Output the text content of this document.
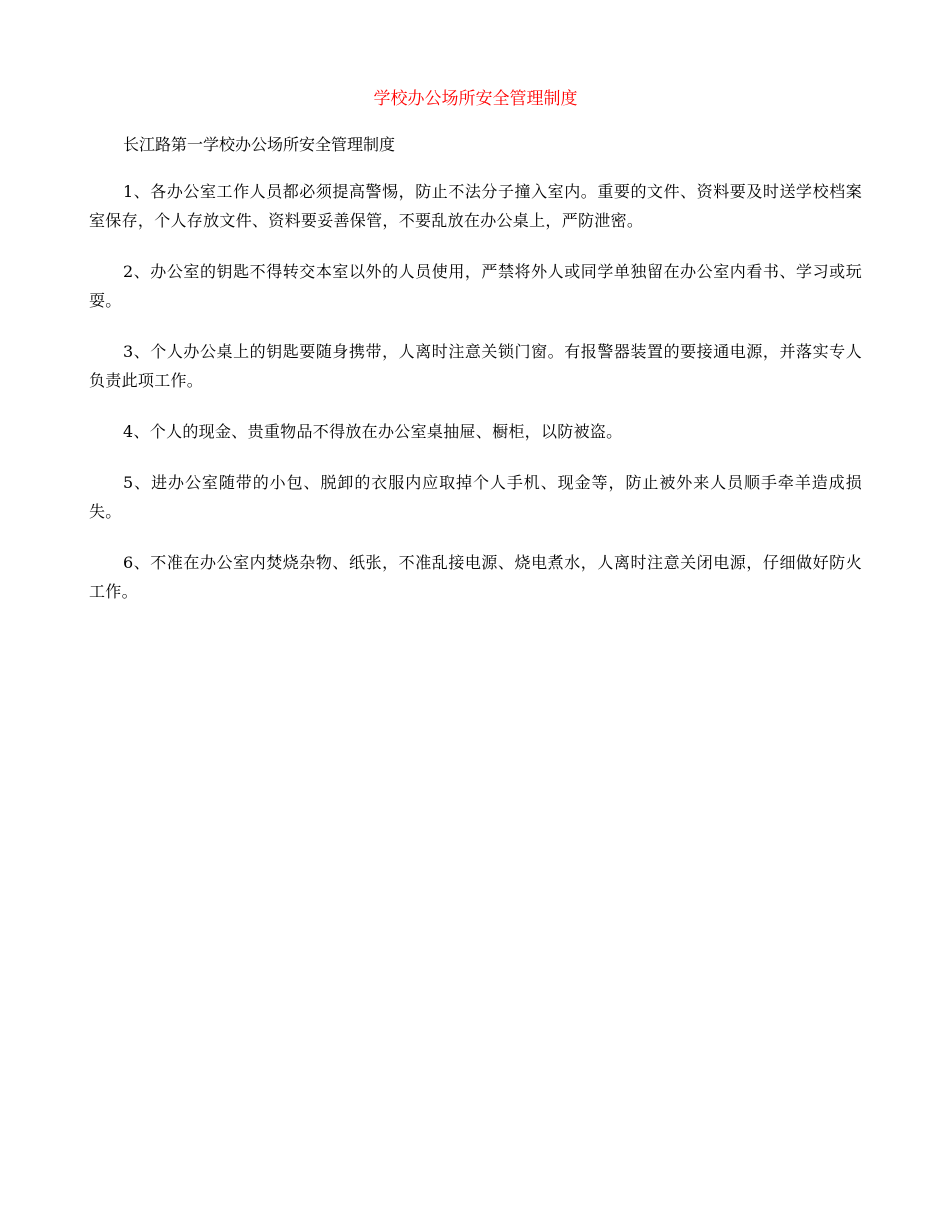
学校办公场所安全管理制度

长江路第一学校办公场所安全管理制度

1、各办公室工作人员都必须提高警惕，防止不法分子撞入室内。重要的文件、资料要及时送学校档案室保存，个人存放文件、资料要妥善保管，不要乱放在办公桌上，严防泄密。

2、办公室的钥匙不得转交本室以外的人员使用，严禁将外人或同学单独留在办公室内看书、学习或玩耍。

3、个人办公桌上的钥匙要随身携带，人离时注意关锁门窗。有报警器装置的要接通电源，并落实专人负责此项工作。

4、个人的现金、贵重物品不得放在办公室桌抽屉、橱柜，以防被盗。

5、进办公室随带的小包、脱卸的衣服内应取掉个人手机、现金等，防止被外来人员顺手牵羊造成损失。

6、不准在办公室内焚烧杂物、纸张，不准乱接电源、烧电煮水，人离时注意关闭电源，仔细做好防火工作。
